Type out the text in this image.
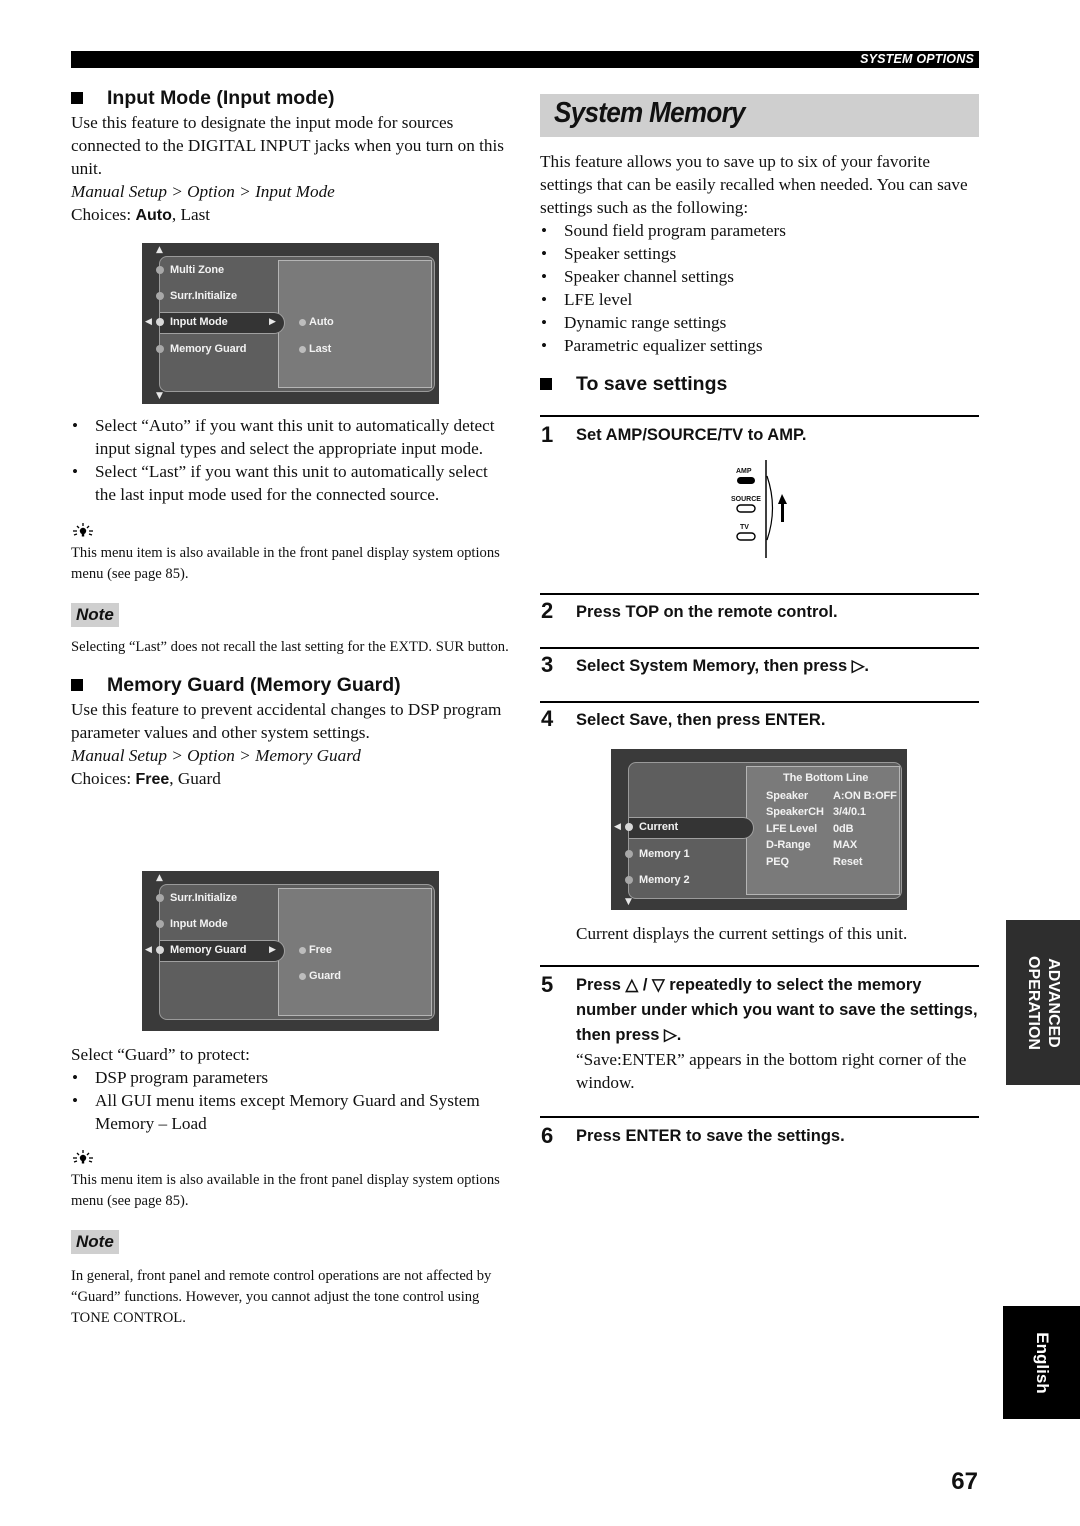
SYSTEM OPTIONS
Input Mode (Input mode)

Use this feature to designate the input mode for sources connected to the DIGITAL INPUT jacks when you turn on this unit.

Manual Setup > Option > Input Mode

Choices: Auto, Last

▲
▼
Multi Zone
Surr.Initialize
◀ Input Mode	▶
Memory Guard
Auto
Last
• Select “Auto” if you want this unit to automatically detect input signal types and select the appropriate input mode.
• Select “Last” if you want this unit to automatically select the last input mode used for the connected source.

This menu item is also available in the front panel display system options menu (see page 85).

Note

Selecting “Last” does not recall the last setting for the EXTD. SUR button.

Memory Guard (Memory Guard)

Use this feature to prevent accidental changes to DSP program parameter values and other system settings.

Manual Setup > Option > Memory Guard

Choices: Free, Guard

▲
Surr.Initialize
Input Mode
◀ Memory Guard	▶	Free
Guard

Select “Guard” to protect:

• DSP program parameters
• All GUI menu items except Memory Guard and System Memory – Load

This menu item is also available in the front panel display system options menu (see page 85).

Note

In general, front panel and remote control operations are not affected by “Guard” functions. However, you cannot adjust the tone control using TONE CONTROL.

System Memory

This feature allows you to save up to six of your favorite settings that can be easily recalled when needed. You can save settings such as the following:

• Sound field program parameters
• Speaker settings
• Speaker channel settings
• LFE level
• Dynamic range settings
• Parametric equalizer settings
To save settings
1 Set AMP/SOURCE/TV to AMP.
AMP
SOURCE
TV
2 Press TOP on the remote control.
3 Select System Memory, then press ▷.
4 Select Save, then press ENTER.
▼
◀ Current
Memory 1
Memory 2
The Bottom Line
Speaker A:ON B:OFF
SpeakerCH 3/4/0.1
LFE Level 0dB
D-Range MAX
PEQ	Reset

Current displays the current settings of this unit.

5 Press △ / ▽ repeatedly to select the memory number under which you want to save the settings, then press ▷.

“Save:ENTER” appears in the bottom right corner of the window.

6 Press ENTER to save the settings.
ADVANCED
OPERATION
English
67
